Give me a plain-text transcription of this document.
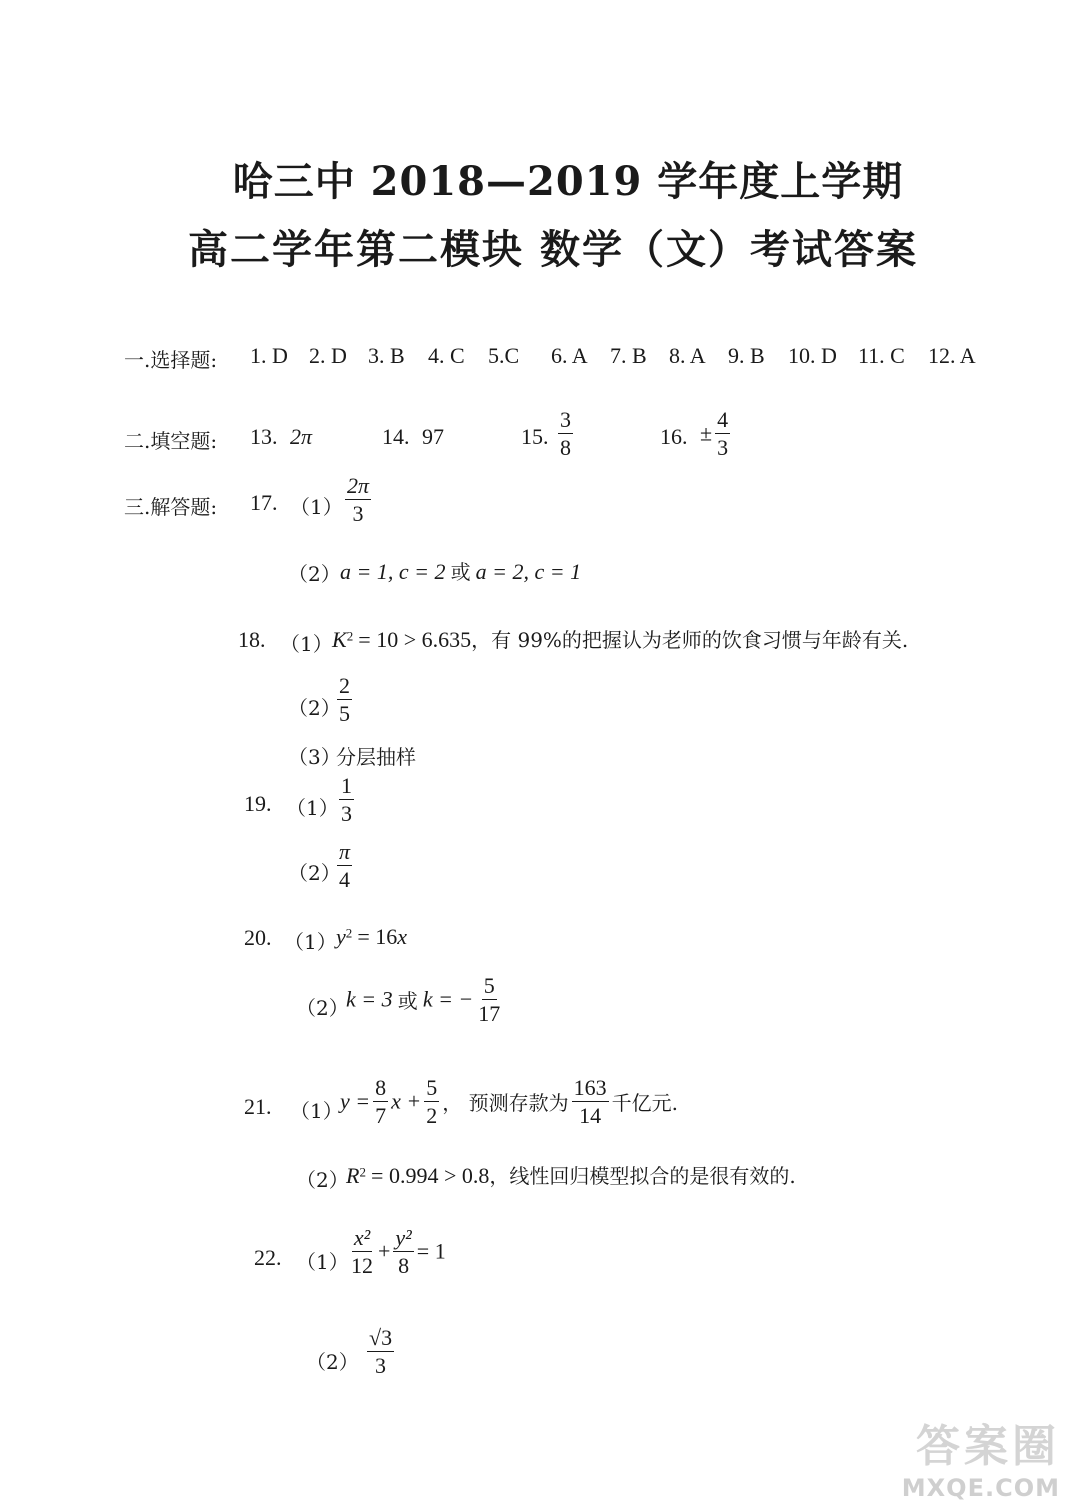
哈三中 2018—2019 学年度上学期
高二学年第二模块 数学（文）考试答案
一.选择题: 1. D 2. D 3. B 4. C 5.C 6. A 7. B 8. A 9. B 10. D 11. C 12. A
二.填空题: 13. 2π	14. 97	15. $\frac{3}{8}$	16. ± $\frac{4}{3}$
三.解答题: 17. $(1) \frac{2\pi}{3}$
（2） a = 1, c = 2 或 a = 2, c = 1
18. （1） $K^2 = 10 > 6.635$，有 99%的把握认为老师的饮食习惯与年龄有关.
（2）
$\frac{2}{5}$
（3）
分层抽样
19. $(1) \frac{1}{3}$
（2）
$\frac{\pi}{4}$
20. （1） $y^2 = 16x$
（2）
k = 3 或 k = − $\frac{5}{17}$
21. （1）
$y = \frac{8}{7}$ $x + \frac{5}{2}$ ， 预测存款为 $\frac{163}{14}$ 千亿元.
（2）
$R^2 = 0.994 > 0.8$，线性回归模型拟合的是很有效的.
22. $(1) \frac{\text{x²}}{12} + \frac{\text{y²}}{8} = 1$
$(2) \frac{√3}{3}$
答案圈
MXQE.COM
